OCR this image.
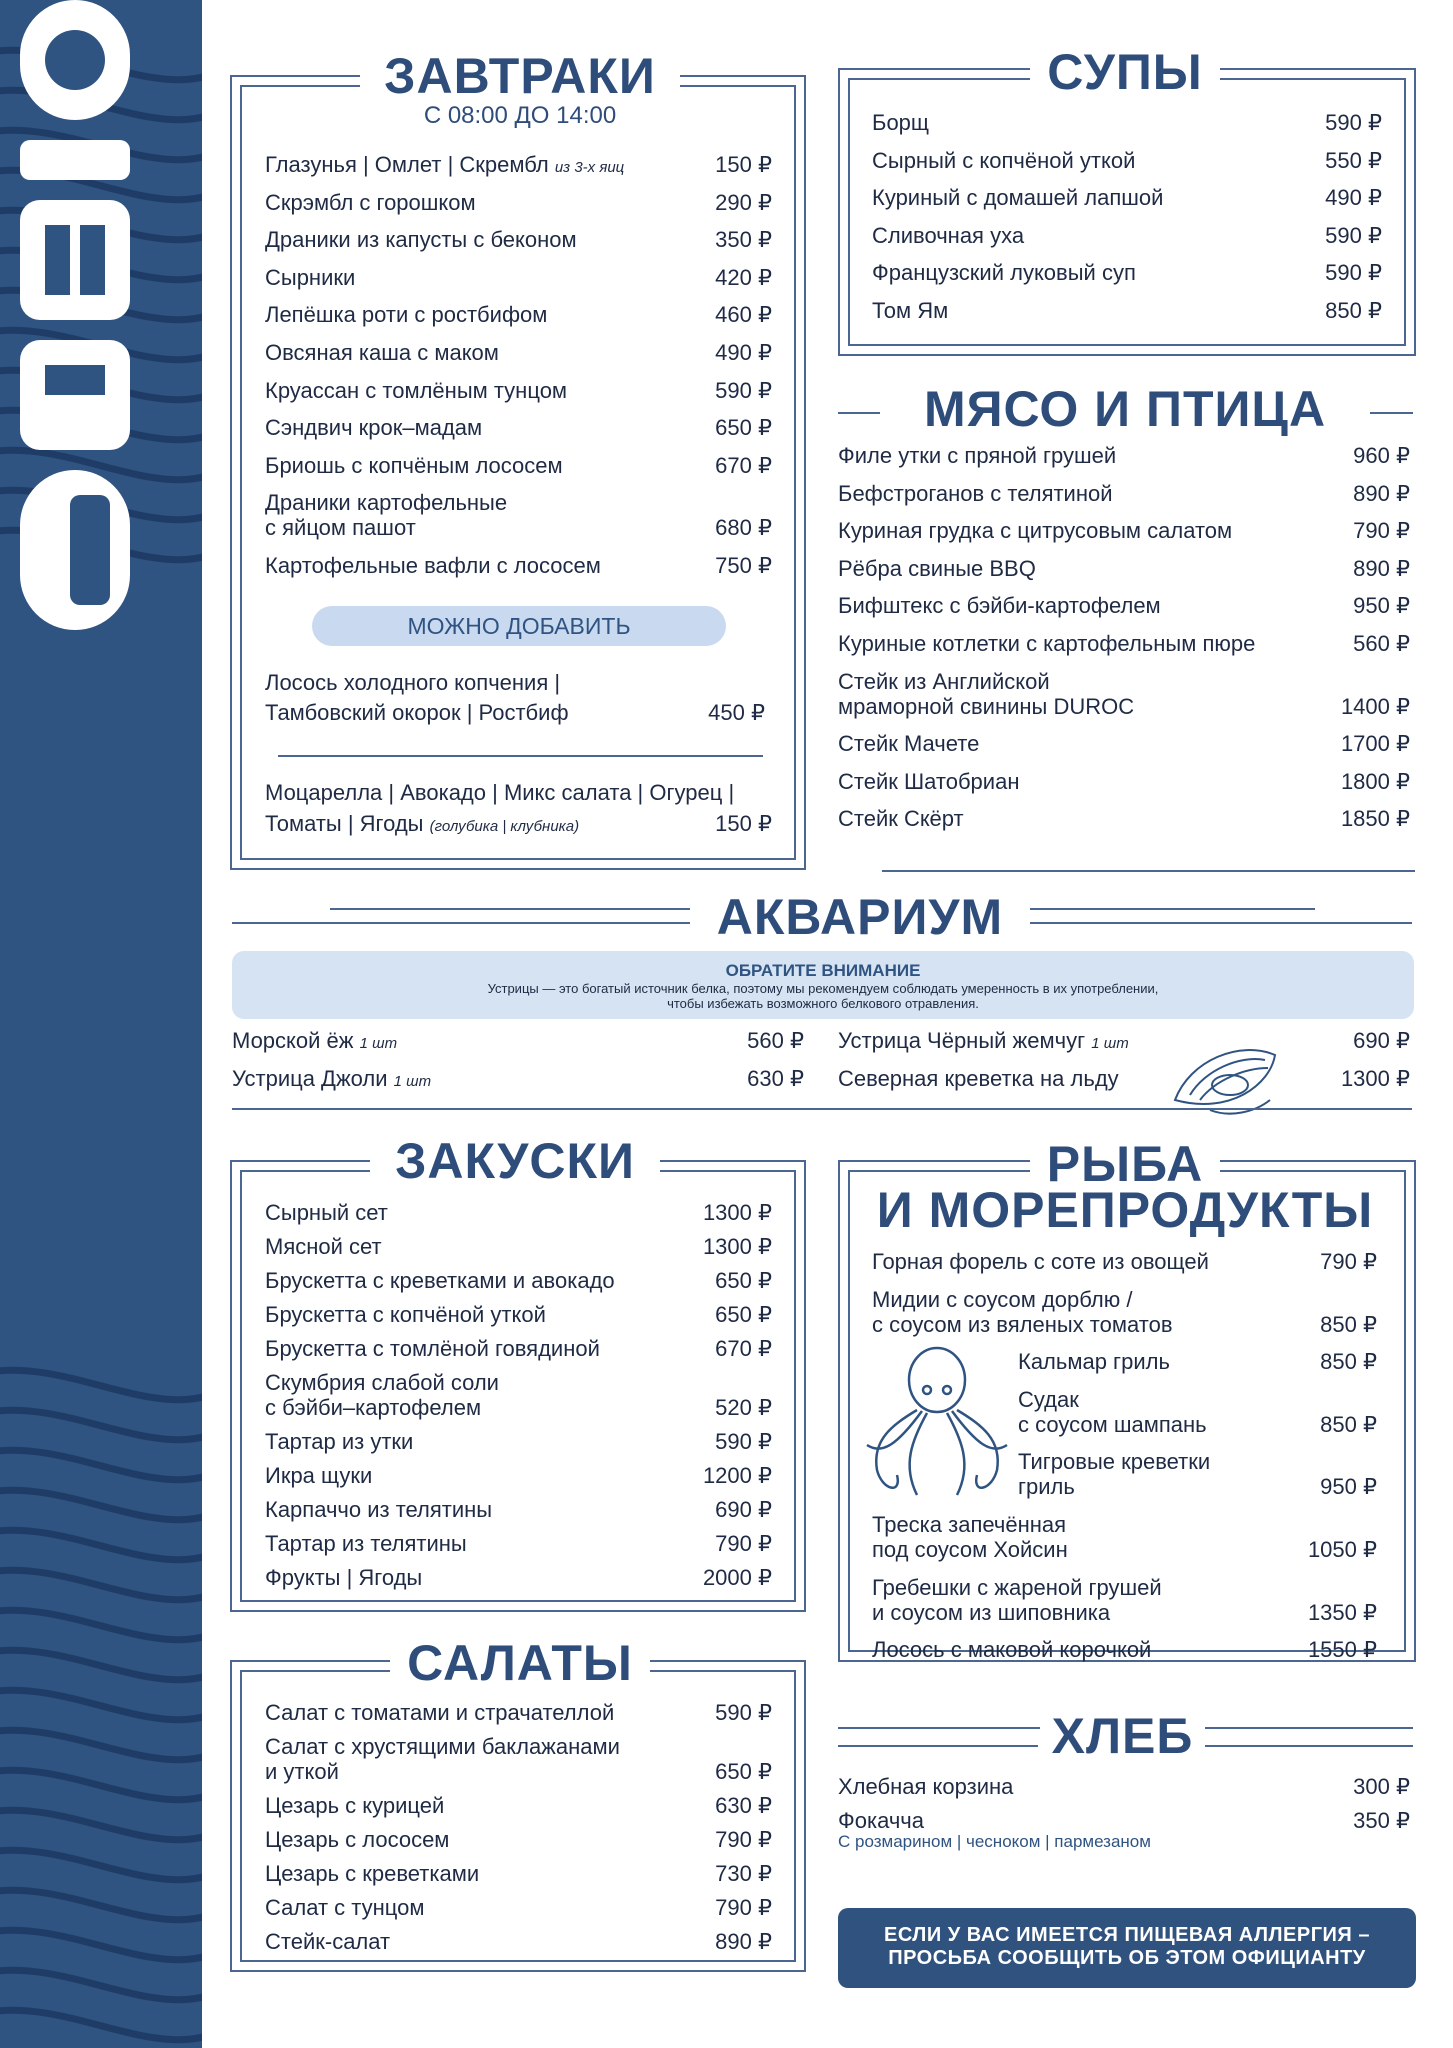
ЗАВТРАКИ
С 08:00 ДО 14:00
Глазунья | Омлет | Скрембл из 3-х яиц	150 ₽
Скрэмбл с горошком	290 ₽
Драники из капусты с беконом	350 ₽
Сырники	420 ₽
Лепёшка роти с ростбифом	460 ₽
Овсяная каша с маком	490 ₽
Круассан с томлёным тунцом	590 ₽
Сэндвич крок–мадам	650 ₽
Бриошь с копчёным лососем	670 ₽
Драники картофельные
с яйцом пашот	680 ₽
Картофельные вафли с лососем	750 ₽
МОЖНО ДОБАВИТЬ
Лосось холодного копчения |
Тамбовский окорок | Ростбиф	450 ₽
Моцарелла | Авокадо | Микс салата | Огурец |
Томаты | Ягоды (голубика | клубника)	150 ₽
СУПЫ
Борщ	590 ₽
Сырный с копчёной уткой	550 ₽
Куриный с домашей лапшой	490 ₽
Сливочная уха	590 ₽
Французский луковый суп	590 ₽
Том Ям	850 ₽
МЯСО И ПТИЦА
Филе утки с пряной грушей	960 ₽
Бефстроганов с телятиной	890 ₽
Куриная грудка с цитрусовым салатом	790 ₽
Рёбра свиные BBQ	890 ₽
Бифштекс с бэйби-картофелем	950 ₽
Куриные котлетки с картофельным пюре	560 ₽
Стейк из Английской
мраморной свинины DUROC	1400 ₽
Стейк Мачете	1700 ₽
Стейк Шатобриан	1800 ₽
Стейк Скёрт	1850 ₽
АКВАРИУМ
ОБРАТИТЕ ВНИМАНИЕ
Устрицы — это богатый источник белка, поэтому мы рекомендуем соблюдать умеренность в их употреблении,
чтобы избежать возможного белкового отравления.
Морской ёж 1 шт	560 ₽
Устрица Джоли 1 шт	630 ₽
Устрица Чёрный жемчуг 1 шт	690 ₽
Северная креветка на льду	1300 ₽
ЗАКУСКИ
Сырный сет	1300 ₽
Мясной сет	1300 ₽
Брускетта с креветками и авокадо	650 ₽
Брускетта с копчёной уткой	650 ₽
Брускетта с томлёной говядиной	670 ₽
Скумбрия слабой соли
с бэйби–картофелем	520 ₽
Тартар из утки	590 ₽
Икра щуки	1200 ₽
Карпаччо из телятины	690 ₽
Тартар из телятины	790 ₽
Фрукты | Ягоды	2000 ₽
САЛАТЫ
Салат с томатами и страчателлой	590 ₽
Салат с хрустящими баклажанами
и уткой	650 ₽
Цезарь с курицей	630 ₽
Цезарь с лососем	790 ₽
Цезарь с креветками	730 ₽
Салат с тунцом	790 ₽
Стейк-салат	890 ₽
РЫБА
И МОРЕПРОДУКТЫ
Горная форель с соте из овощей	790 ₽
Мидии с соусом дорблю /
с соусом из вяленых томатов	850 ₽
Кальмар гриль	850 ₽
Судак
с соусом шампань	850 ₽
Тигровые креветки
гриль	950 ₽
Треска запечённая
под соусом Хойсин	1050 ₽
Гребешки с жареной грушей
и соусом из шиповника	1350 ₽
Лосось с маковой корочкой	1550 ₽
ХЛЕБ
Хлебная корзина	300 ₽
Фокачча	350 ₽
С розмарином | чесноком | пармезаном
ЕСЛИ У ВАС ИМЕЕТСЯ ПИЩЕВАЯ АЛЛЕРГИЯ –
ПРОСЬБА СООБЩИТЬ ОБ ЭТОМ ОФИЦИАНТУ
